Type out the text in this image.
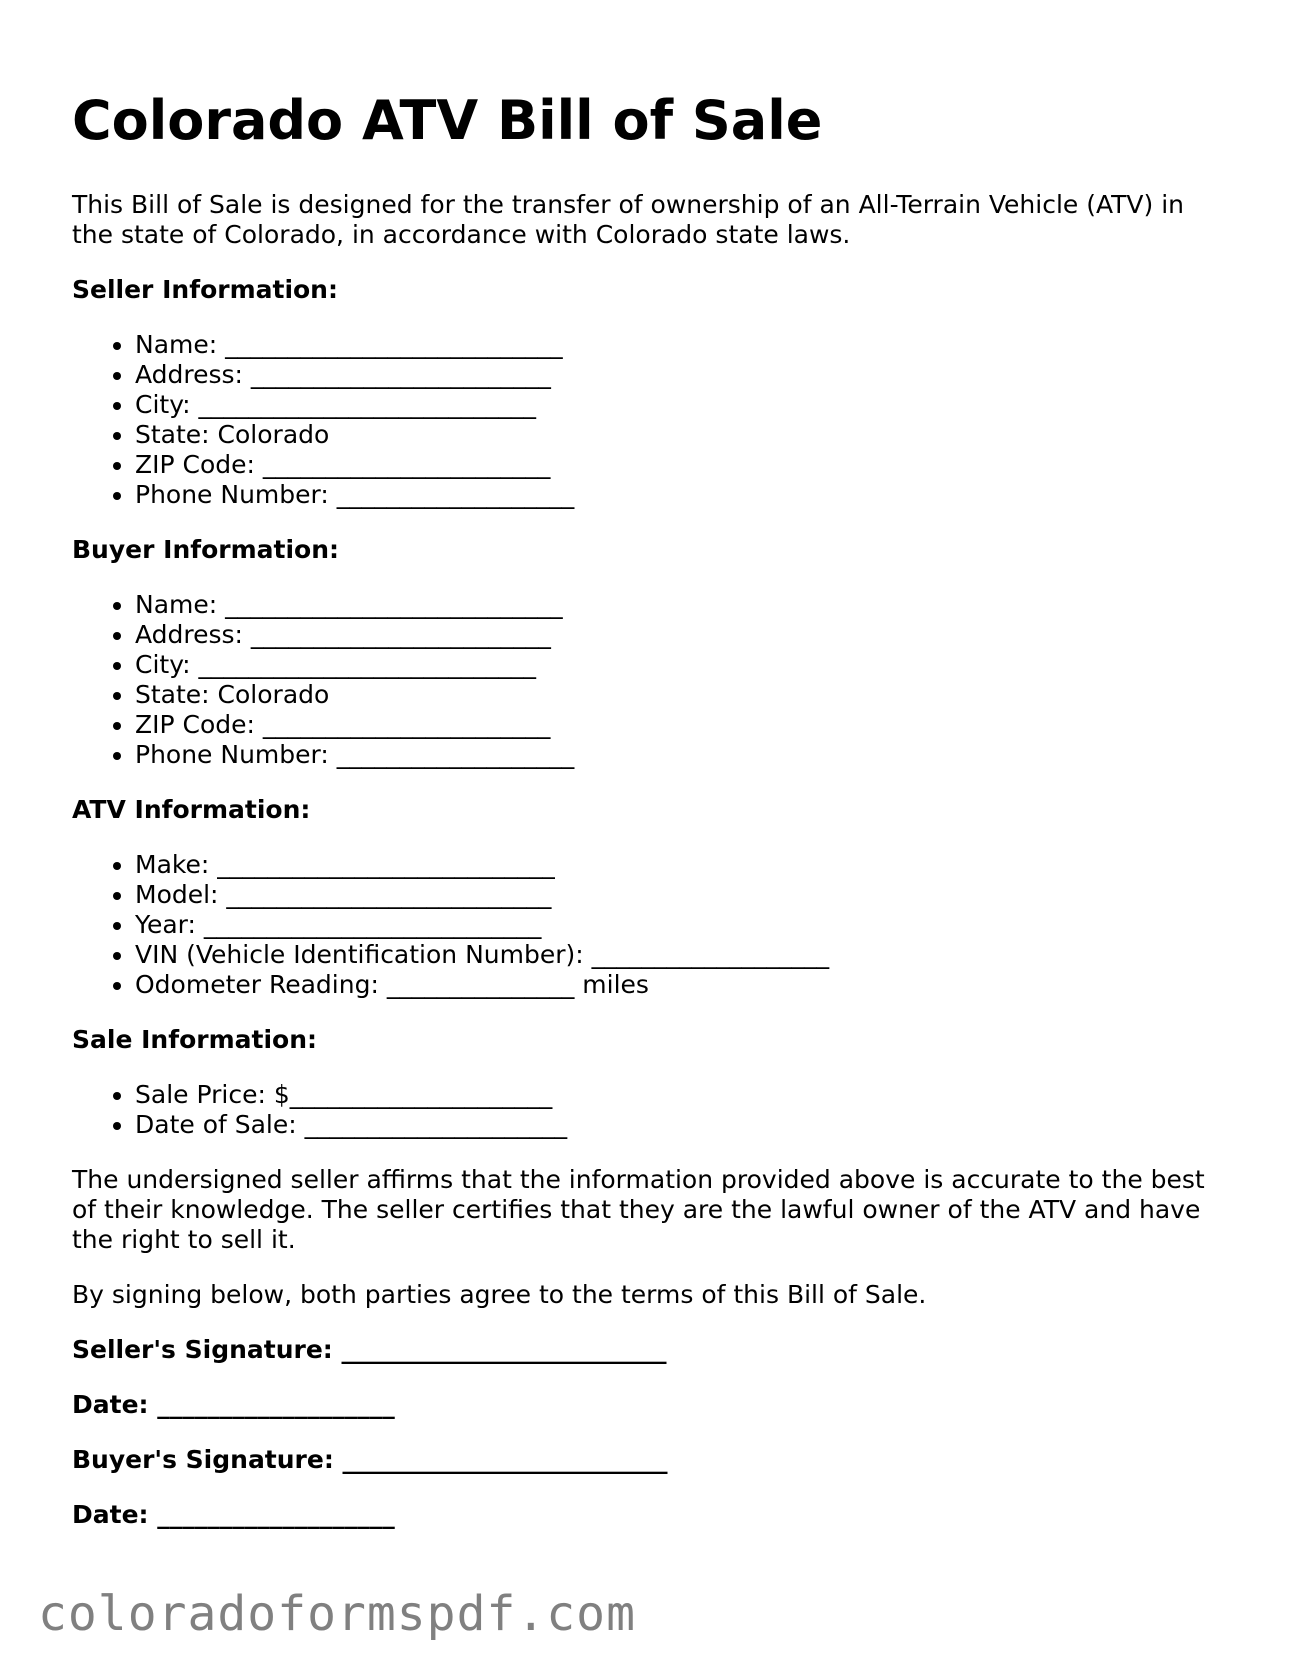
Colorado ATV Bill of Sale

This Bill of Sale is designed for the transfer of ownership of an All-Terrain Vehicle (ATV) in the state of Colorado, in accordance with Colorado state laws.

Seller Information:
• Name: ___________________________
• Address: ________________________
• City: ___________________________
• State: Colorado
• ZIP Code: _______________________
• Phone Number: ___________________
Buyer Information:
• Name: ___________________________
• Address: ________________________
• City: ___________________________
• State: Colorado
• ZIP Code: _______________________
• Phone Number: ___________________
ATV Information:
• Make: ___________________________
• Model: __________________________
• Year: ___________________________
• VIN (Vehicle Identification Number): ___________________
• Odometer Reading: _______________ miles
Sale Information:
• Sale Price: $_____________________
• Date of Sale: _____________________

The undersigned seller affirms that the information provided above is accurate to the best of their knowledge. The seller certifies that they are the lawful owner of the ATV and have the right to sell it.

By signing below, both parties agree to the terms of this Bill of Sale.

Seller's Signature: __________________________
Date: ___________________
Buyer's Signature: __________________________
Date: ___________________
coloradoformspdf.com
